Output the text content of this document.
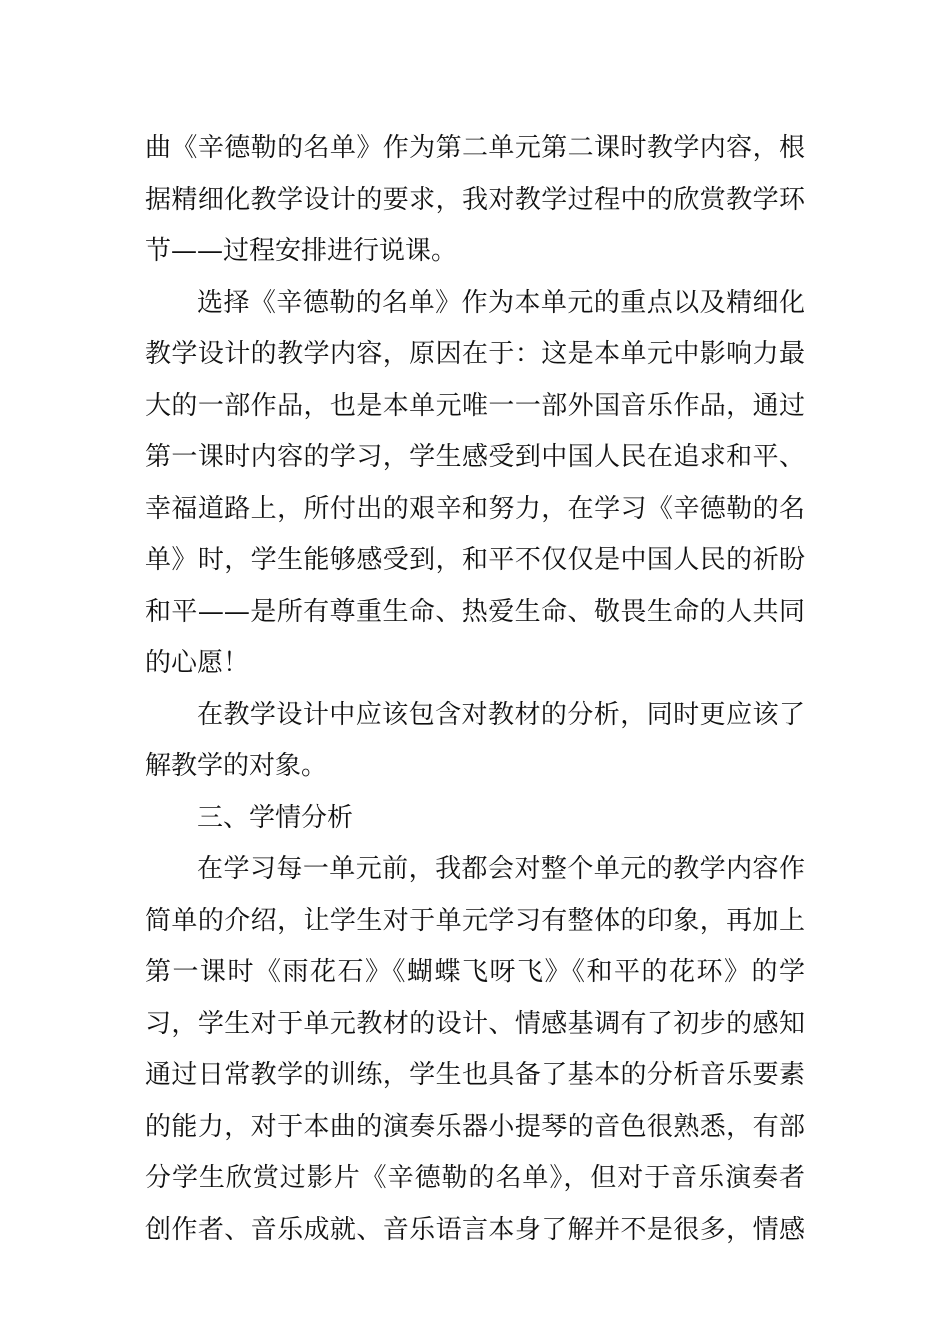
曲《辛德勒的名单》作为第二单元第二课时教学内容，根
据精细化教学设计的要求，我对教学过程中的欣赏教学环
节——过程安排进行说课。
选择《辛德勒的名单》作为本单元的重点以及精细化
教学设计的教学内容，原因在于：这是本单元中影响力最
大的一部作品，也是本单元唯一一部外国音乐作品，通过
第一课时内容的学习，学生感受到中国人民在追求和平、
幸福道路上，所付出的艰辛和努力，在学习《辛德勒的名
单》时，学生能够感受到，和平不仅仅是中国人民的祈盼
和平——是所有尊重生命、热爱生命、敬畏生命的人共同
的心愿！
在教学设计中应该包含对教材的分析，同时更应该了
解教学的对象。
三、学情分析
在学习每一单元前，我都会对整个单元的教学内容作
简单的介绍，让学生对于单元学习有整体的印象，再加上
第一课时《雨花石》《蝴蝶飞呀飞》《和平的花环》的学
习，学生对于单元教材的设计、情感基调有了初步的感知
通过日常教学的训练，学生也具备了基本的分析音乐要素
的能力，对于本曲的演奏乐器小提琴的音色很熟悉，有部
分学生欣赏过影片《辛德勒的名单》，但对于音乐演奏者
创作者、音乐成就、音乐语言本身了解并不是很多，情感
